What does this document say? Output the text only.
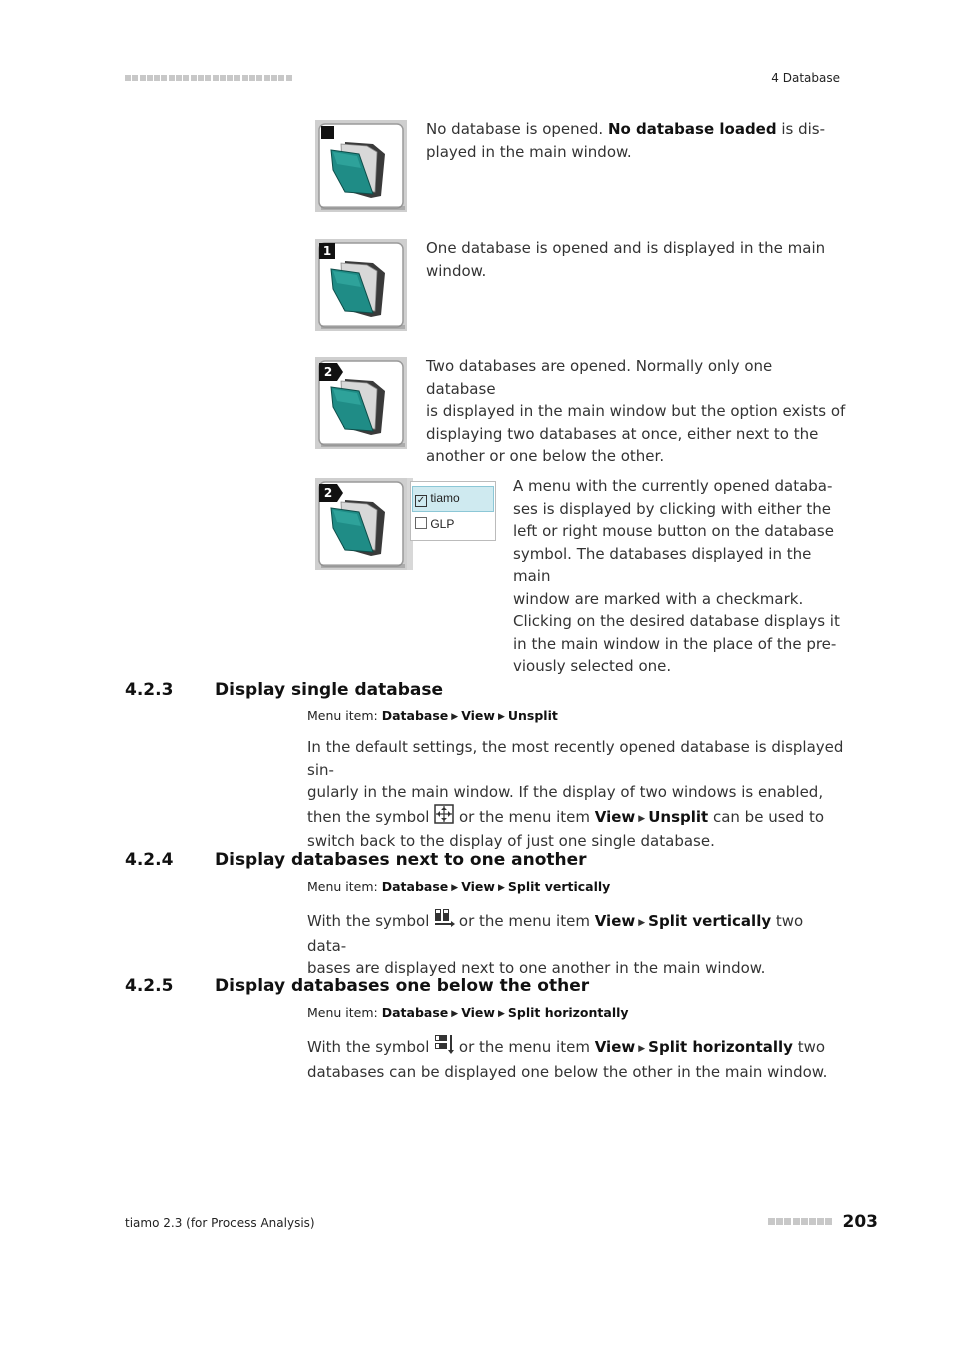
4 Database
No database is opened. No database loaded is dis-
played in the main window.
1	One database is opened and is displayed in the main
window.
2	Two databases are opened. Normally only one database
is displayed in the main window but the option exists of
displaying two databases at once, either next to the
another or one below the other.
2
✓ tiamo
GLP
A menu with the currently opened databa-
ses is displayed by clicking with either the
left or right mouse button on the database
symbol. The databases displayed in the main
window are marked with a checkmark.
Clicking on the desired database displays it
in the main window in the place of the pre-
viously selected one.
4.2.3 Display single database
Menu item: Database ▶ View ▶ Unsplit
In the default settings, the most recently opened database is displayed sin-
gularly in the main window. If the display of two windows is enabled,
then the symbol  or the menu item View ▶ Unsplit can be used to
switch back to the display of just one single database.
4.2.4 Display databases next to one another
Menu item: Database ▶ View ▶ Split vertically
With the symbol  or the menu item View ▶ Split vertically two data-
bases are displayed next to one another in the main window.
4.2.5 Display databases one below the other
Menu item: Database ▶ View ▶ Split horizontally
With the symbol  or the menu item View ▶ Split horizontally two
databases can be displayed one below the other in the main window.
tiamo 2.3 (for Process Analysis)	203
